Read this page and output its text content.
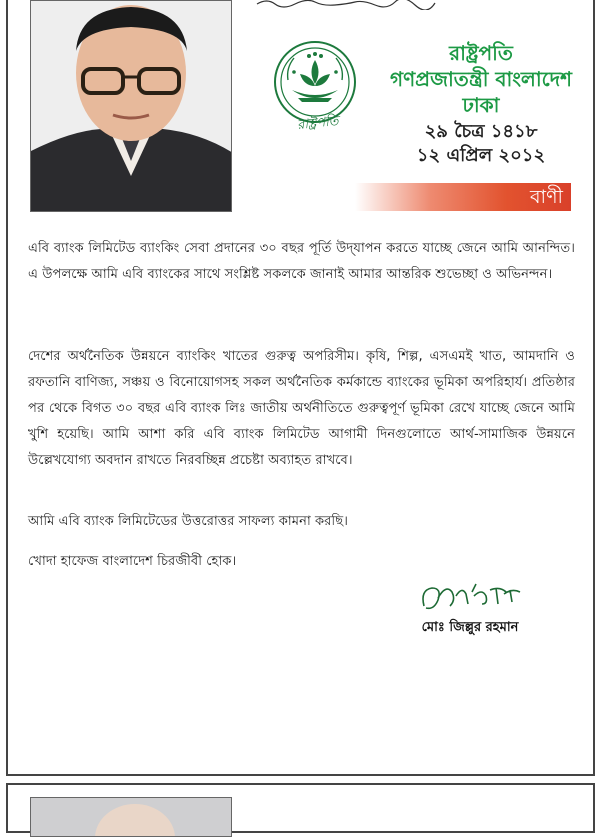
রাষ্ট্রপতি
রাষ্ট্রপতি
গণপ্রজাতন্ত্রী বাংলাদেশ
ঢাকা
২৯ চৈত্র ১৪১৮
১২ এপ্রিল ২০১২
বাণী

এবি ব্যাংক লিমিটেড ব্যাংকিং সেবা প্রদানের ৩০ বছর পূর্তি উদ্‌যাপন করতে যাচ্ছে জেনে আমি আনন্দিত। এ উপলক্ষে আমি এবি ব্যাংকের সাথে সংশ্লিষ্ট সকলকে জানাই আমার আন্তরিক শুভেচ্ছা ও অভিনন্দন।

দেশের অর্থনৈতিক উন্নয়নে ব্যাংকিং খাতের গুরুত্ব অপরিসীম। কৃষি, শিল্প, এসএমই খাত, আমদানি ও রফতানি বাণিজ্য, সঞ্চয় ও বিনোয়োগসহ সকল অর্থনৈতিক কর্মকান্ডে ব্যাংকের ভূমিকা অপরিহার্য। প্রতিষ্ঠার পর থেকে বিগত ৩০ বছর এবি ব্যাংক লিঃ জাতীয় অর্থনীতিতে গুরুত্বপূর্ণ ভূমিকা রেখে যাচ্ছে জেনে আমি খুশি হয়েছি। আমি আশা করি এবি ব্যাংক লিমিটেড আগামী দিনগুলোতে আর্থ-সামাজিক উন্নয়নে উল্লেখযোগ্য অবদান রাখতে নিরবচ্ছিন্ন প্রচেষ্টা অব্যাহত রাখবে।

আমি এবি ব্যাংক লিমিটেডের উত্তরোত্তর সাফল্য কামনা করছি।

খোদা হাফেজ বাংলাদেশ চিরজীবী হোক।

মোঃ জিল্লুর রহমান
